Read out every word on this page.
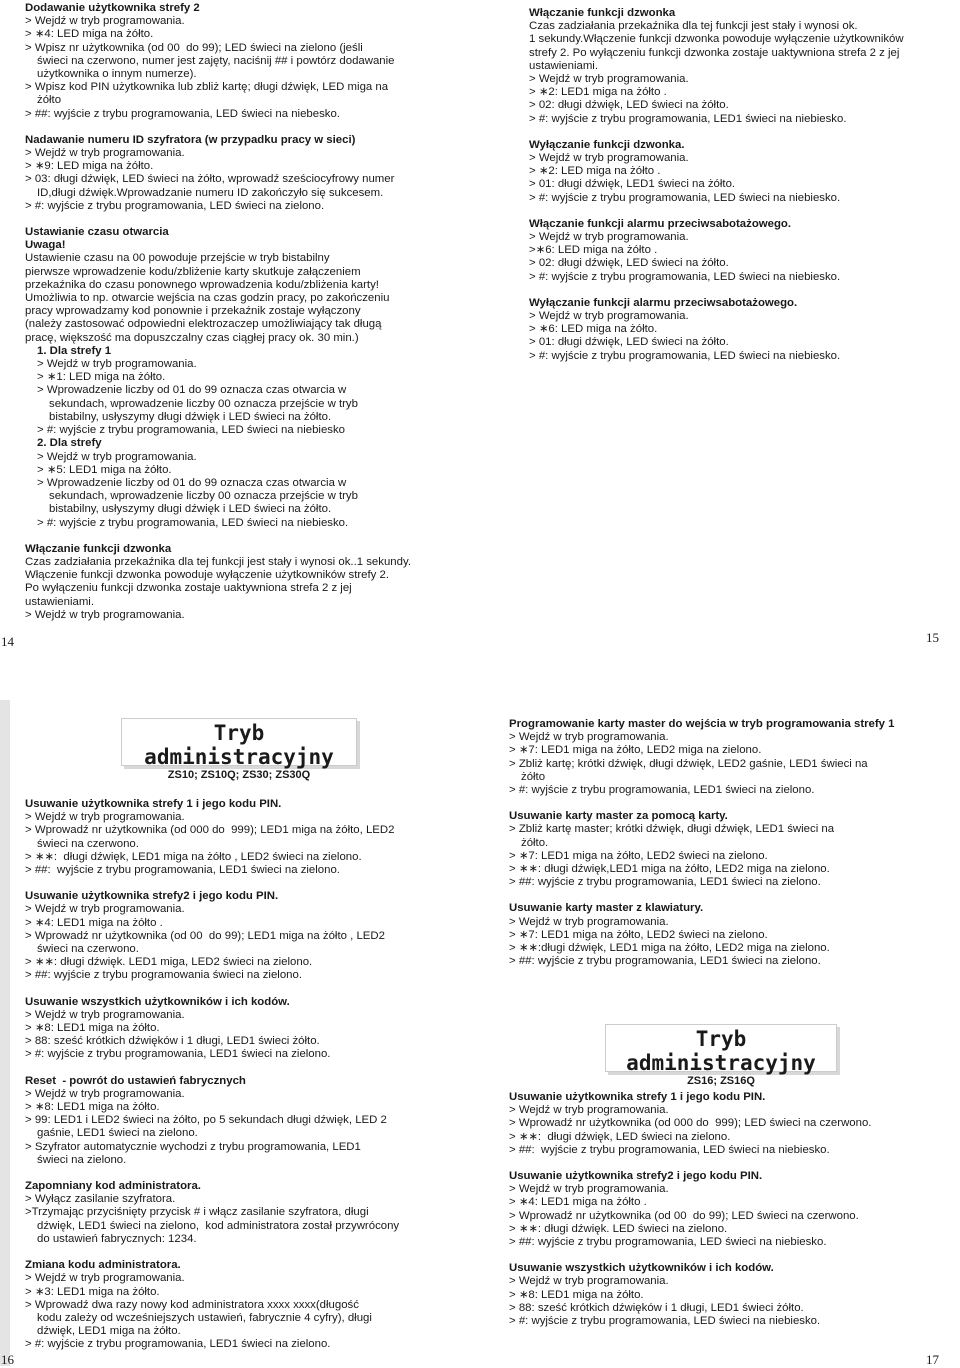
Dodawanie użytkownika strefy 2

> Wejdź w tryb programowania.

> ∗4: LED miga na żółto.

> Wpisz nr użytkownika (od 00  do 99); LED świeci na zielono (jeśli

świeci na czerwono, numer jest zajęty, naciśnij ## i powtórz dodawanie

użytkownika o innym numerze).

> Wpisz kod PIN użytkownika lub zbliż kartę; długi dźwięk, LED miga na

żółto

> ##: wyjście z trybu programowania, LED świeci na niebesko.

Nadawanie numeru ID szyfratora (w przypadku pracy w sieci)

> Wejdź w tryb programowania.

> ∗9: LED miga na żółto.

> 03: długi dźwięk, LED świeci na żółto, wprowadź sześciocyfrowy numer

ID,długi dźwięk.Wprowadzanie numeru ID zakończyło się sukcesem.

> #: wyjście z trybu programowania, LED świeci na zielono.

Ustawianie czasu otwarcia

Uwaga!

Ustawienie czasu na 00 powoduje przejście w tryb bistabilny

pierwsze wprowadzenie kodu/zbliżenie karty skutkuje załączeniem

przekaźnika do czasu ponownego wprowadzenia kodu/zbliżenia karty!

Umożliwia to np. otwarcie wejścia na czas godzin pracy, po zakończeniu

pracy wprowadzamy kod ponownie i przekaźnik zostaje wyłączony

(należy zastosować odpowiedni elektrozaczep umożliwiający tak długą

pracę, większość ma dopuszczalny czas ciągłej pracy ok. 30 min.)

1. Dla strefy 1

> Wejdź w tryb programowania.

> ∗1: LED miga na żółto.

> Wprowadzenie liczby od 01 do 99 oznacza czas otwarcia w

sekundach, wprowadzenie liczby 00 oznacza przejście w tryb

bistabilny, usłyszymy długi dźwięk i LED świeci na żółto.

> #: wyjście z trybu programowania, LED świeci na niebiesko

2. Dla strefy

> Wejdź w tryb programowania.

> ∗5: LED1 miga na żółto.

> Wprowadzenie liczby od 01 do 99 oznacza czas otwarcia w

sekundach, wprowadzenie liczby 00 oznacza przejście w tryb

bistabilny, usłyszymy długi dźwięk i LED świeci na żółto.

> #: wyjście z trybu programowania, LED świeci na niebiesko.

Włączanie funkcji dzwonka

Czas zadziałania przekaźnika dla tej funkcji jest stały i wynosi ok..1 sekundy.

Włączenie funkcji dzwonka powoduje wyłączenie użytkowników strefy 2.

Po wyłączeniu funkcji dzwonka zostaje uaktywniona strefa 2 z jej

ustawieniami.

> Wejdź w tryb programowania.

14

Włączanie funkcji dzwonka

Czas zadziałania przekaźnika dla tej funkcji jest stały i wynosi ok.

1 sekundy.Włączenie funkcji dzwonka powoduje wyłączenie użytkowników

strefy 2. Po wyłączeniu funkcji dzwonka zostaje uaktywniona strefa 2 z jej

ustawieniami.

> Wejdź w tryb programowania.

> ∗2: LED1 miga na żółto .

> 02: długi dźwięk, LED świeci na żółto.

> #: wyjście z trybu programowania, LED1 świeci na niebiesko.

Wyłączanie funkcji dzwonka.

> Wejdź w tryb programowania.

> ∗2: LED miga na żółto .

> 01: długi dźwięk, LED1 świeci na żółto.

> #: wyjście z trybu programowania, LED świeci na niebiesko.

Włączanie funkcji alarmu przeciwsabotażowego.

> Wejdź w tryb programowania.

>∗6: LED miga na żółto .

> 02: długi dźwięk, LED świeci na żółto.

> #: wyjście z trybu programowania, LED świeci na niebiesko.

Wyłączanie funkcji alarmu przeciwsabotażowego.

> Wejdź w tryb programowania.

> ∗6: LED miga na żółto.

> 01: długi dźwięk, LED świeci na żółto.

> #: wyjście z trybu programowania, LED świeci na niebiesko.

15
Tryb administracyjny
ZS10; ZS10Q; ZS30; ZS30Q

Usuwanie użytkownika strefy 1 i jego kodu PIN.

> Wejdź w tryb programowania.

> Wprowadź nr użytkownika (od 000 do  999); LED1 miga na żółto, LED2

świeci na czerwono.

> ∗∗:  długi dźwięk, LED1 miga na żółto , LED2 świeci na zielono.

> ##:  wyjście z trybu programowania, LED1 świeci na zielono.

Usuwanie użytkownika strefy2 i jego kodu PIN.

> Wejdź w tryb programowania.

> ∗4: LED1 miga na żółto .

> Wprowadź nr użytkownika (od 00  do 99); LED1 miga na żółto , LED2

świeci na czerwono.

> ∗∗: długi dźwięk. LED1 miga, LED2 świeci na zielono.

> ##: wyjście z trybu programowania świeci na zielono.

Usuwanie wszystkich użytkowników i ich kodów.

> Wejdź w tryb programowania.

> ∗8: LED1 miga na żółto.

> 88: sześć krótkich dźwięków i 1 długi, LED1 świeci żółto.

> #: wyjście z trybu programowania, LED1 świeci na zielono.

Reset  - powrót do ustawień fabrycznych

> Wejdź w tryb programowania.

> ∗8: LED1 miga na żółto.

> 99: LED1 i LED2 świeci na żółto, po 5 sekundach długi dźwięk, LED 2

gaśnie, LED1 świeci na zielono.

> Szyfrator automatycznie wychodzi z trybu programowania, LED1

świeci na zielono.

Zapomniany kod administratora.

> Wyłącz zasilanie szyfratora.

>Trzymając przyciśnięty przycisk # i włącz zasilanie szyfratora, długi

dźwięk, LED1 świeci na zielono,  kod administratora został przywrócony

do ustawień fabrycznych: 1234.

Zmiana kodu administratora.

> Wejdź w tryb programowania.

> ∗3: LED1 miga na żółto.

> Wprowadź dwa razy nowy kod administratora xxxx xxxx(długość

kodu zależy od wcześniejszych ustawień, fabrycznie 4 cyfry), długi

dźwięk, LED1 miga na żółto.

> #: wyjście z trybu programowania, LED1 świeci na zielono.

16

Programowanie karty master do wejścia w tryb programowania strefy 1

> Wejdź w tryb programowania.

> ∗7: LED1 miga na żółto, LED2 miga na zielono.

> Zbliż kartę; krótki dźwięk, długi dźwięk, LED2 gaśnie, LED1 świeci na

żółto

> #: wyjście z trybu programowania, LED1 świeci na zielono.

Usuwanie karty master za pomocą karty.

> Zbliż kartę master; krótki dźwięk, długi dźwięk, LED1 świeci na

żółto.

> ∗7: LED1 miga na żółto, LED2 świeci na zielono.

> ∗∗: długi dźwięk,LED1 miga na żółto, LED2 miga na zielono.

> ##: wyjście z trybu programowania, LED1 świeci na zielono.

Usuwanie karty master z klawiatury.

> Wejdź w tryb programowania.

> ∗7: LED1 miga na żółto, LED2 świeci na zielono.

> ∗∗:długi dźwięk, LED1 miga na żółto, LED2 miga na zielono.

> ##: wyjście z trybu programowania, LED1 świeci na zielono.

Tryb administracyjny
ZS16; ZS16Q

Usuwanie użytkownika strefy 1 i jego kodu PIN.

> Wejdź w tryb programowania.

> Wprowadź nr użytkownika (od 000 do  999); LED świeci na czerwono.

> ∗∗:  długi dźwięk, LED świeci na zielono.

> ##:  wyjście z trybu programowania, LED świeci na niebiesko.

Usuwanie użytkownika strefy2 i jego kodu PIN.

> Wejdź w tryb programowania.

> ∗4: LED1 miga na żółto .

> Wprowadź nr użytkownika (od 00  do 99); LED świeci na czerwono.

> ∗∗: długi dźwięk. LED świeci na zielono.

> ##: wyjście z trybu programowania, LED świeci na niebiesko.

Usuwanie wszystkich użytkowników i ich kodów.

> Wejdź w tryb programowania.

> ∗8: LED1 miga na żółto.

> 88: sześć krótkich dźwięków i 1 długi, LED1 świeci żółto.

> #: wyjście z trybu programowania, LED świeci na niebiesko.

17
